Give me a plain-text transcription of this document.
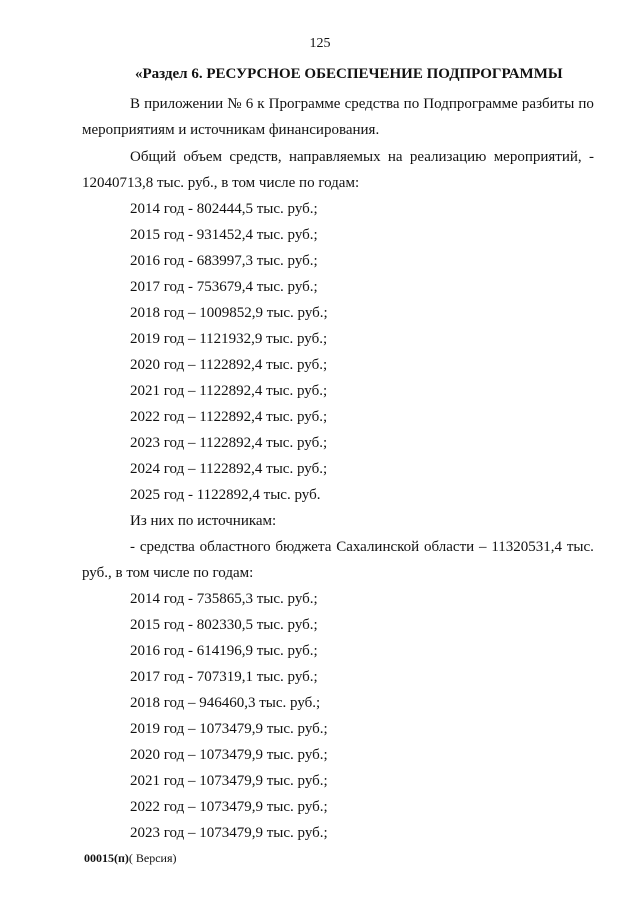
125
«Раздел 6. РЕСУРСНОЕ ОБЕСПЕЧЕНИЕ ПОДПРОГРАММЫ
В приложении № 6 к Программе средства по Подпрограмме разбиты по
мероприятиям и источникам финансирования.
Общий объем средств, направляемых на реализацию мероприятий, -
12040713,8 тыс. руб., в том числе по годам:
2014 год - 802444,5 тыс. руб.;
2015 год - 931452,4 тыс. руб.;
2016 год - 683997,3 тыс. руб.;
2017 год - 753679,4 тыс. руб.;
2018 год – 1009852,9 тыс. руб.;
2019 год – 1121932,9 тыс. руб.;
2020 год – 1122892,4 тыс. руб.;
2021 год – 1122892,4 тыс. руб.;
2022 год – 1122892,4 тыс. руб.;
2023 год – 1122892,4 тыс. руб.;
2024 год – 1122892,4 тыс. руб.;
2025 год - 1122892,4 тыс. руб.
Из них по источникам:
- средства областного бюджета Сахалинской области – 11320531,4 тыс.
руб., в том числе по годам:
2014 год - 735865,3 тыс. руб.;
2015 год - 802330,5 тыс. руб.;
2016 год - 614196,9 тыс. руб.;
2017 год - 707319,1 тыс. руб.;
2018 год – 946460,3 тыс. руб.;
2019 год – 1073479,9 тыс. руб.;
2020 год – 1073479,9 тыс. руб.;
2021 год – 1073479,9 тыс. руб.;
2022 год – 1073479,9 тыс. руб.;
2023 год – 1073479,9 тыс. руб.;
00015(п)( Версия)
